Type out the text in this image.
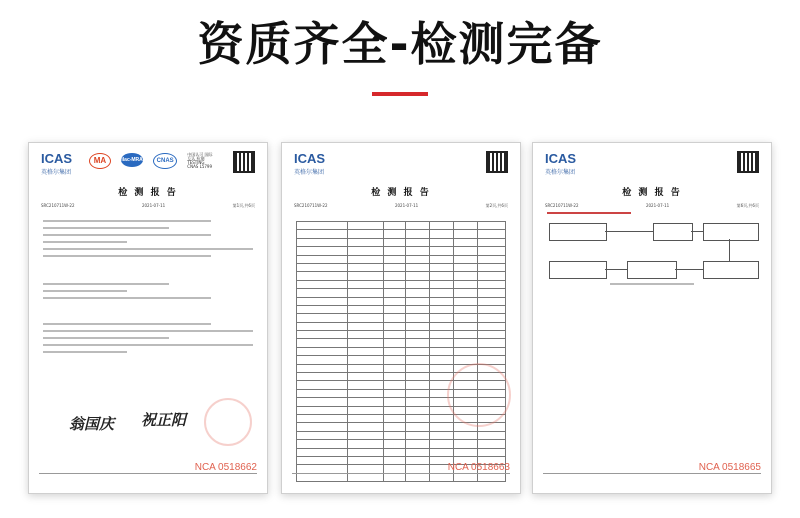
资质齐全-检测完备
ICAS
英格尔集团
MA	ilac-MRA CNAS 中国认可 国际互认 检测 TESTING CNAS L5799
检 测 报 告
SRC210711W-22	2021-07-11	第1页,共6页
翁国庆 祝正阳
NCA 0518662

ICAS
英格尔集团
检 测 报 告
SRC210711W-22	2021-07-11	第2页,共6页

NCA 0518663

ICAS
英格尔集团
检 测 报 告
SRC210711W-22	2021-07-11	第6页,共6页
NCA 0518665
